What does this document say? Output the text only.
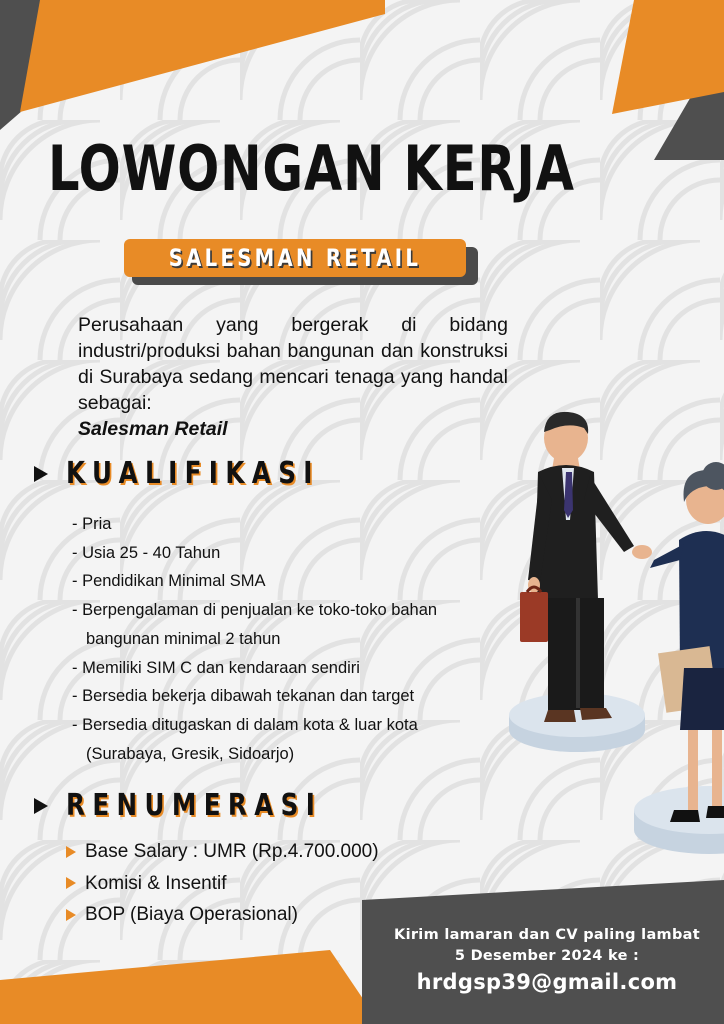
LOWONGAN KERJA
SALESMAN RETAIL
Perusahaan yang bergerak di bidang industri/produksi bahan bangunan dan konstruksi di Surabaya sedang mencari tenaga yang handal sebagai:
Salesman Retail
KUALIFIKASI
- Pria
- Usia 25 - 40 Tahun
- Pendidikan Minimal SMA
- Berpengalaman di penjualan ke toko-toko bahan
bangunan minimal 2 tahun
- Memiliki SIM C dan kendaraan sendiri
- Bersedia bekerja dibawah tekanan dan target
- Bersedia ditugaskan di dalam kota & luar kota
(Surabaya, Gresik, Sidoarjo)
RENUMERASI
Base Salary : UMR (Rp.4.700.000)
Komisi & Insentif
BOP (Biaya Operasional)
Kirim lamaran dan CV paling lambat
5 Desember 2024 ke :
hrdgsp39@gmail.com
